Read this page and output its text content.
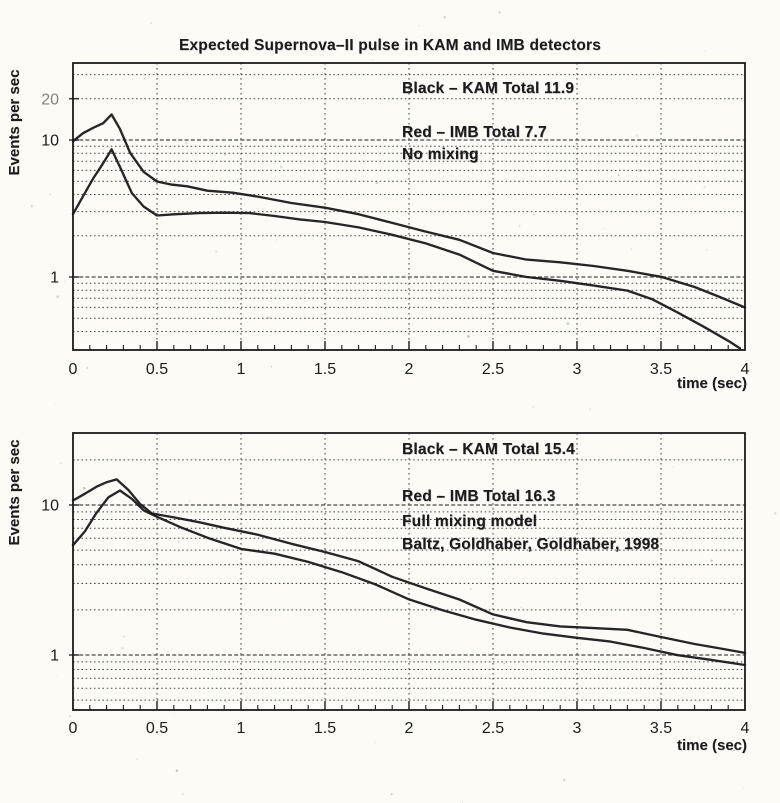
20
10
1
0	0.5	1	1.5	2	2.5	3	3.5	4
10
1
0	0.5	1	1.5	2	2.5	3	3.5	4
Expected Supernova–II pulse in KAM and IMB detectors
Events per sec
Events per sec
time (sec)
time (sec)
Black – KAM Total 11.9
Red – IMB Total 7.7
No mixing
Black – KAM Total 15.4
Red – IMB Total 16.3
Full mixing model
Baltz, Goldhaber, Goldhaber, 1998
